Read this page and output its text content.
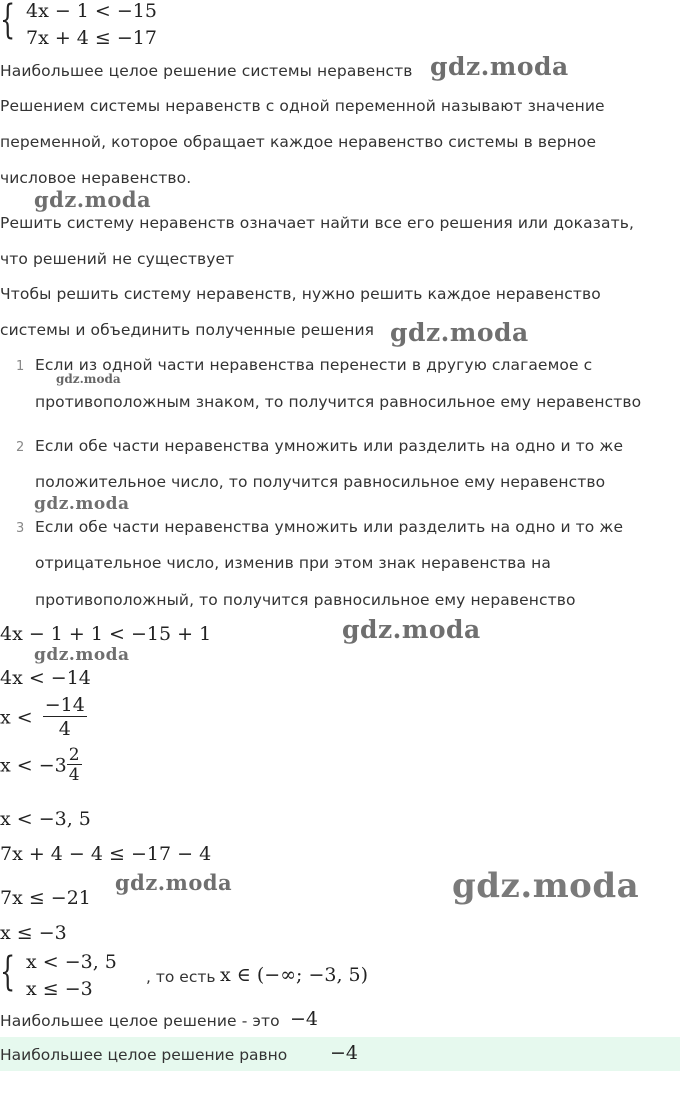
{ 4x − 1 < −15
7x + 4 ≤ −17
Наибольшее целое решение системы неравенств
Решением системы неравенств с одной переменной называют значение
переменной, которое обращает каждое неравенство системы в верное
числовое неравенство.
Решить систему неравенств означает найти все его решения или доказать,
что решений не существует
Чтобы решить систему неравенств, нужно решить каждое неравенство
системы и объединить полученные решения
1 Если из одной части неравенства перенести в другую слагаемое с
противоположным знаком, то получится равносильное ему неравенство
2 Если обе части неравенства умножить или разделить на одно и то же
положительное число, то получится равносильное ему неравенство
3 Если обе части неравенства умножить или разделить на одно и то же
отрицательное число, изменив при этом знак неравенства на
противоположный, то получится равносильное ему неравенство
4x − 1 + 1 < −15 + 1
4x < −14
$x < \frac{-14}{4}$
$x < -3 \frac{2}{4}$
x < −3, 5
7x + 4 − 4 ≤ −17 − 4
7x ≤ −21
x ≤ −3
{ x < −3, 5
x ≤ −3
, то есть x ∈ (−∞; −3, 5)
Наибольшее целое решение - это −4
Наибольшее целое решение равно −4
gdz.moda
gdz.moda
gdz.moda
gdz.moda
gdz.moda
gdz.moda
gdz.moda
gdz.moda	gdz.moda
